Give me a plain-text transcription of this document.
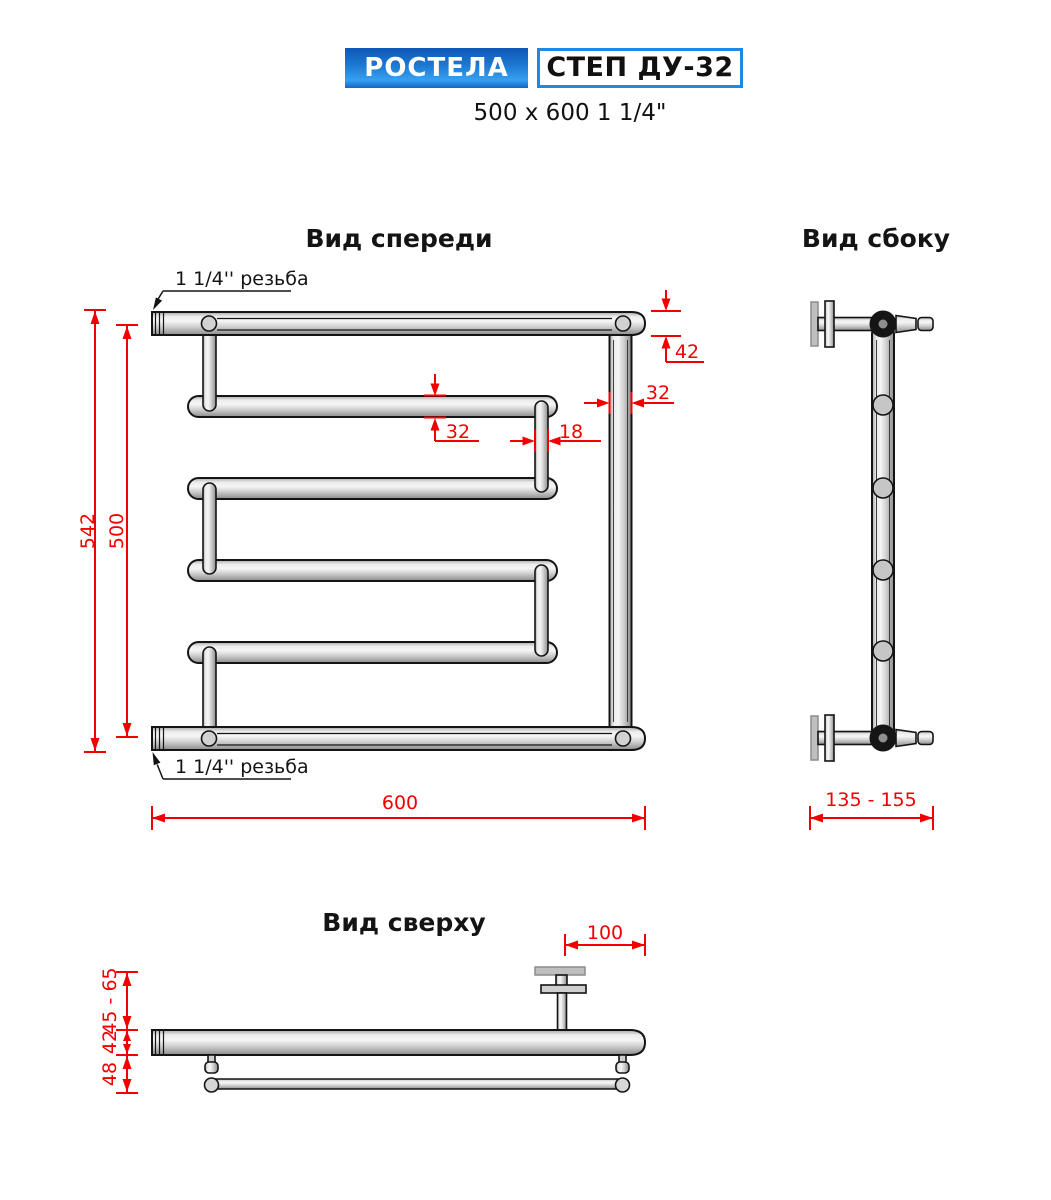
РОСТЕЛА	СТЕП ДУ-32
500 x 600 1 1/4"
Вид спереди
542 500
600
42
32
32	18
1 1/4'' резьба
1 1/4'' резьба
Вид сбоку
135 - 155
Вид сверху	100
45 - 65
42
48
